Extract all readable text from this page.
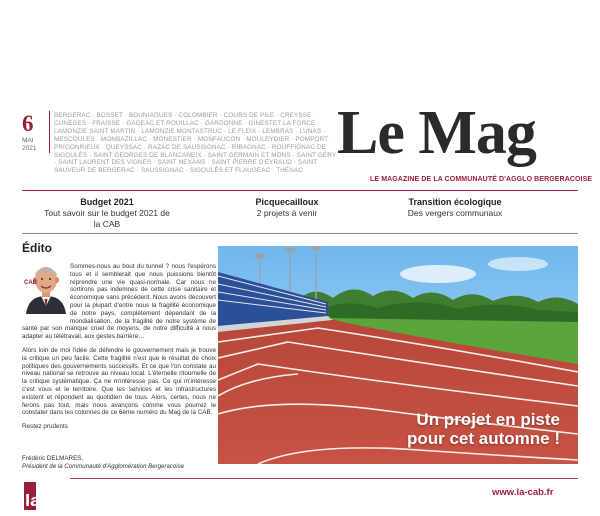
6
MAI
2021
BERGERAC · BOSSET · BOUNIAGUES · COLOMBIER · COURS DE PILE · CREYSSE · CUNÈGES · FRAISSE · GAGEAC ET ROUILLAC · GARDONNE · GINESTET LA FORCE · LAMONZIE SAINT MARTIN · LAMONZIE MONTASTRUC · LE FLEIX · LEMBRAS · LUNAS · MESCOULES · MONBAZILLAC · MONESTIER · MONFAUCON · MOULEYDIER · POMPORT · PRIGONRIEUX · QUEYSSAC · RAZAC DE SAUSSIGNAC · RIBAGNAC · ROUFFIGNAC DE SIGOULÈS · SAINT GEORGES DE BLANCANEIX · SAINT GERMAIN ET MONS · SAINT GÉRY · SAINT LAURENT DES VIGNES · SAINT NEXANS · SAINT PIERRE D'EYRAUD · SAINT SAUVEUR DE BERGERAC · SAUSSIGNAC · SIGOULÈS ET FLAUGEAC · THÉNAC
Le Mag
LE MAGAZINE DE LA COMMUNAUTÉ D'AGGLO BERGERACOISE
Budget 2021
Tout savoir sur le budget 2021 de la CAB
Picquecailloux
2 projets à venir
Transition écologique
Des vergers communaux
Édito

Sommes-nous au bout du tunnel ? nous l'espérons tous et il semblerait que nous puissions bientôt reprendre une vie quasi-normale. Car nous ne sortirons pas indemnes de cette crise sanitaire et économique sans précédent. Nous avons découvert pour la plupart d'entre nous la fragilité économique de notre pays, complètement dépendant de la mondialisation, de la fragilité de notre système de santé par son manque cruel de moyens, de notre difficulté à nous adapter au télétravail, aux gestes barrière…

Alors loin de moi l'idée de défendre le gouvernement mais je trouve la critique un peu facile. Cette fragilité n'est que le résultat de choix politiques des gouvernements successifs. Et ce que l'on constate au niveau national se retrouve au niveau local. L'éternelle ritournelle de la critique systématique. Ça ne m'intéresse pas. Ce qui m'intéresse c'est vous et le territoire. Que les services et les infrastructures existent et répondent au quotidien de tous. Alors, certes, nous ne ferons pas tout, mais nous avançons comme vous pourrez le constater dans les colonnes de ce 6ème numéro du Mag de la CAB.

Restez prudents

CAB
Frédéric DELMARES,
Président de la Communauté d'Agglomération Bergeracoise
Un projet en piste
pour cet automne !
laCAB	www.la-cab.fr
